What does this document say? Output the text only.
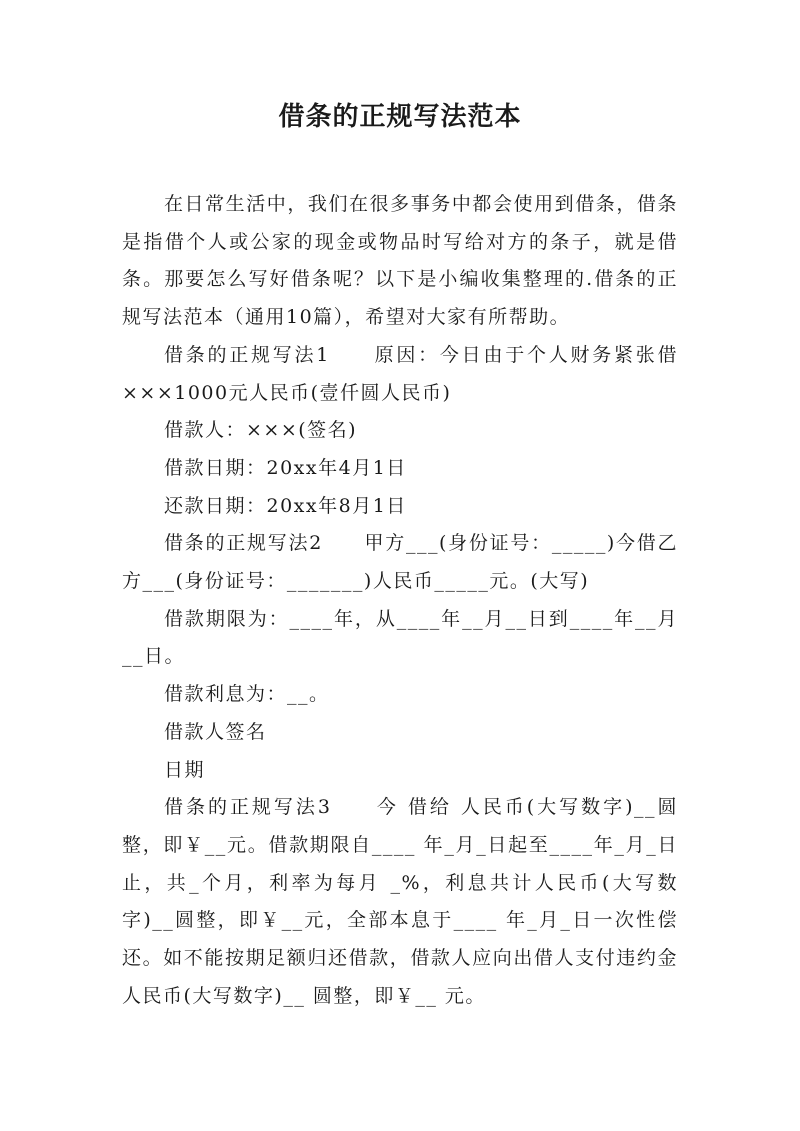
借条的正规写法范本

在日常生活中，我们在很多事务中都会使用到借条，借条是指借个人或公家的现金或物品时写给对方的条子，就是借条。那要怎么写好借条呢？以下是小编收集整理的.借条的正规写法范本（通用10篇），希望对大家有所帮助。

借条的正规写法1　　原因：今日由于个人财务紧张借×××1000元人民币(壹仟圆人民币)

借款人：×××(签名)

借款日期：20xx年4月1日

还款日期：20xx年8月1日

借条的正规写法2　　甲方___(身份证号：_____)今借乙方___(身份证号：_______)人民币_____元。(大写)

借款期限为：____年，从____年__月__日到____年__月__日。

借款利息为：__。

借款人签名

日期

借条的正规写法3　　今 借给 人民币(大写数字)__圆整，即￥__元。借款期限自____ 年_月_日起至____年_月_日止，共_个月，利率为每月 _%，利息共计人民币(大写数字)__圆整，即￥__元，全部本息于____ 年_月_日一次性偿还。如不能按期足额归还借款，借款人应向出借人支付违约金人民币(大写数字)__ 圆整，即￥__ 元。
